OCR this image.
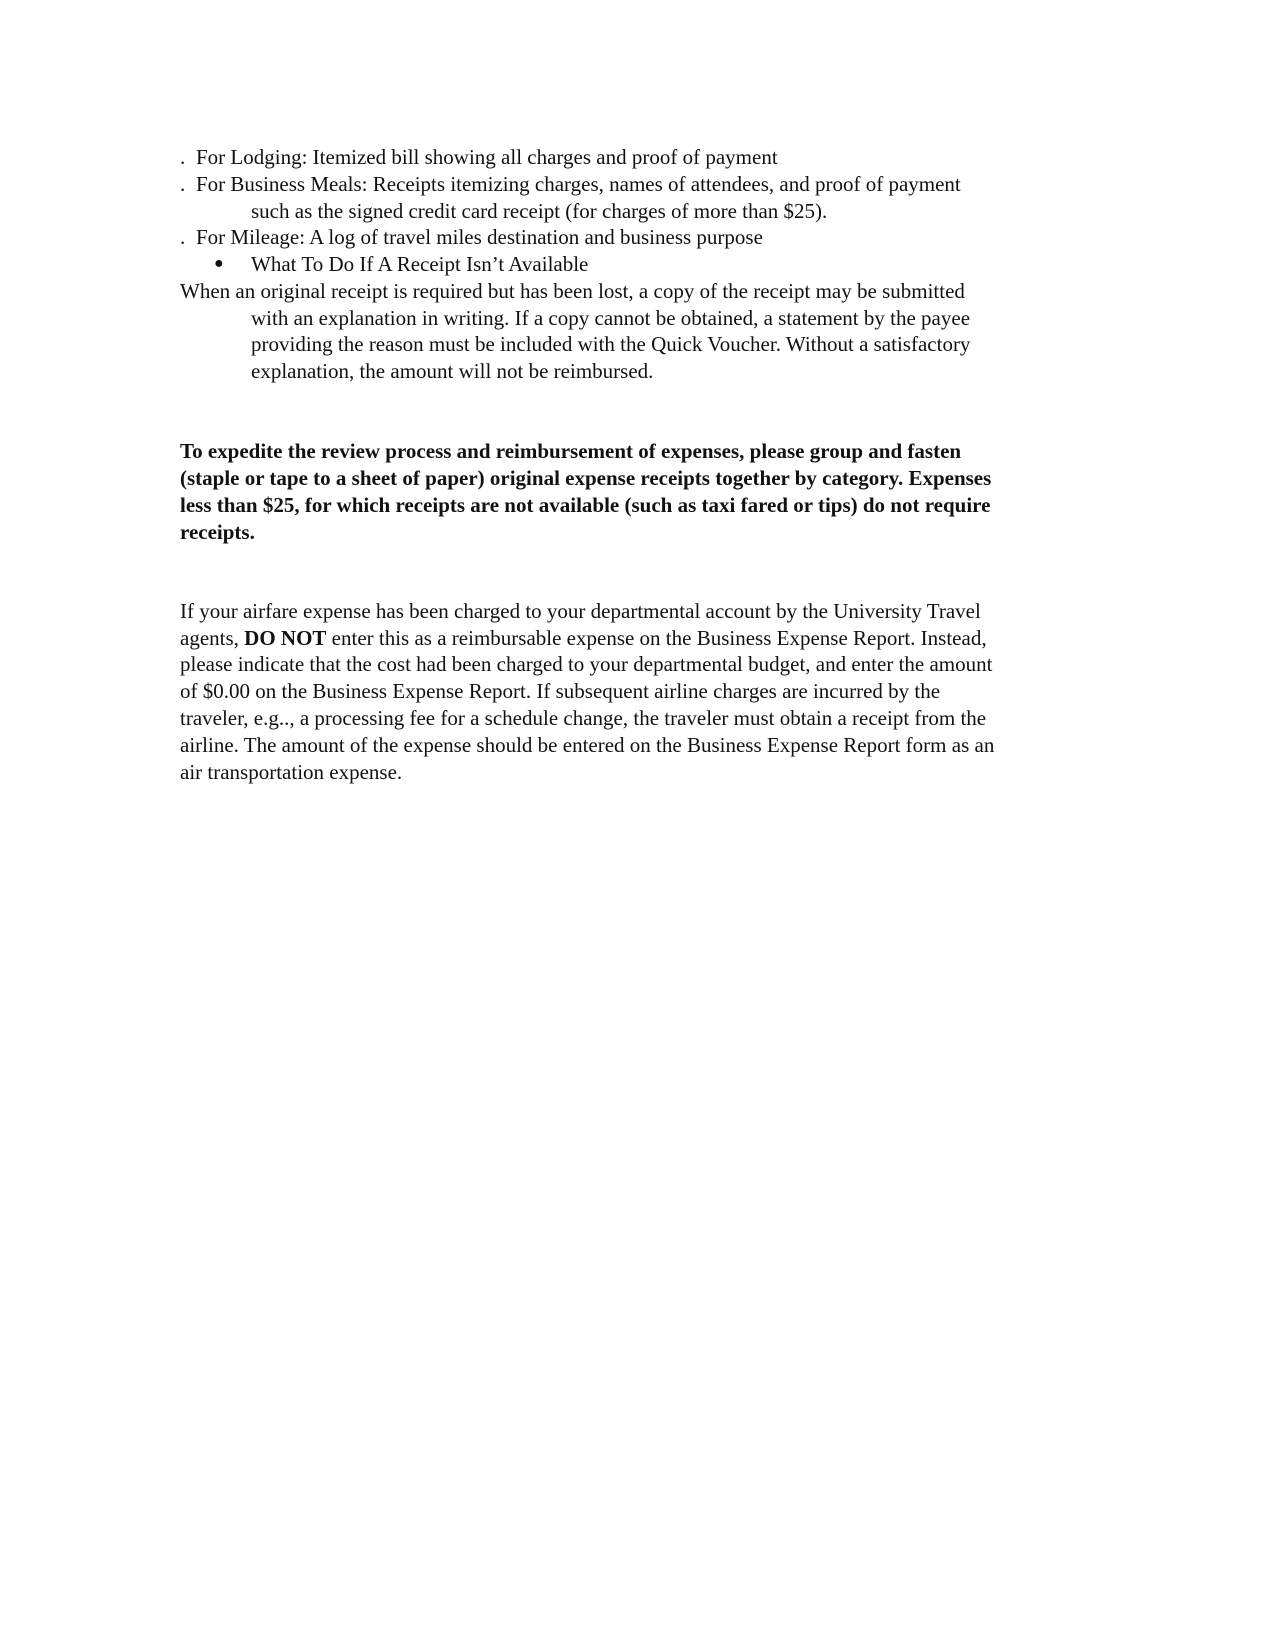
. For Lodging: Itemized bill showing all charges and proof of payment
. For Business Meals: Receipts itemizing charges, names of attendees, and proof of payment
such as the signed credit card receipt (for charges of more than $25).
. For Mileage: A log of travel miles destination and business purpose
● What To Do If A Receipt Isn’t Available
When an original receipt is required but has been lost, a copy of the receipt may be submitted
with an explanation in writing. If a copy cannot be obtained, a statement by the payee
providing the reason must be included with the Quick Voucher. Without a satisfactory
explanation, the amount will not be reimbursed.
To expedite the review process and reimbursement of expenses, please group and fasten
(staple or tape to a sheet of paper) original expense receipts together by category. Expenses
less than $25, for which receipts are not available (such as taxi fared or tips) do not require
receipts.
If your airfare expense has been charged to your departmental account by the University Travel
agents, DO NOT enter this as a reimbursable expense on the Business Expense Report. Instead,
please indicate that the cost had been charged to your departmental budget, and enter the amount
of $0.00 on the Business Expense Report. If subsequent airline charges are incurred by the
traveler, e.g.., a processing fee for a schedule change, the traveler must obtain a receipt from the
airline. The amount of the expense should be entered on the Business Expense Report form as an
air transportation expense.
